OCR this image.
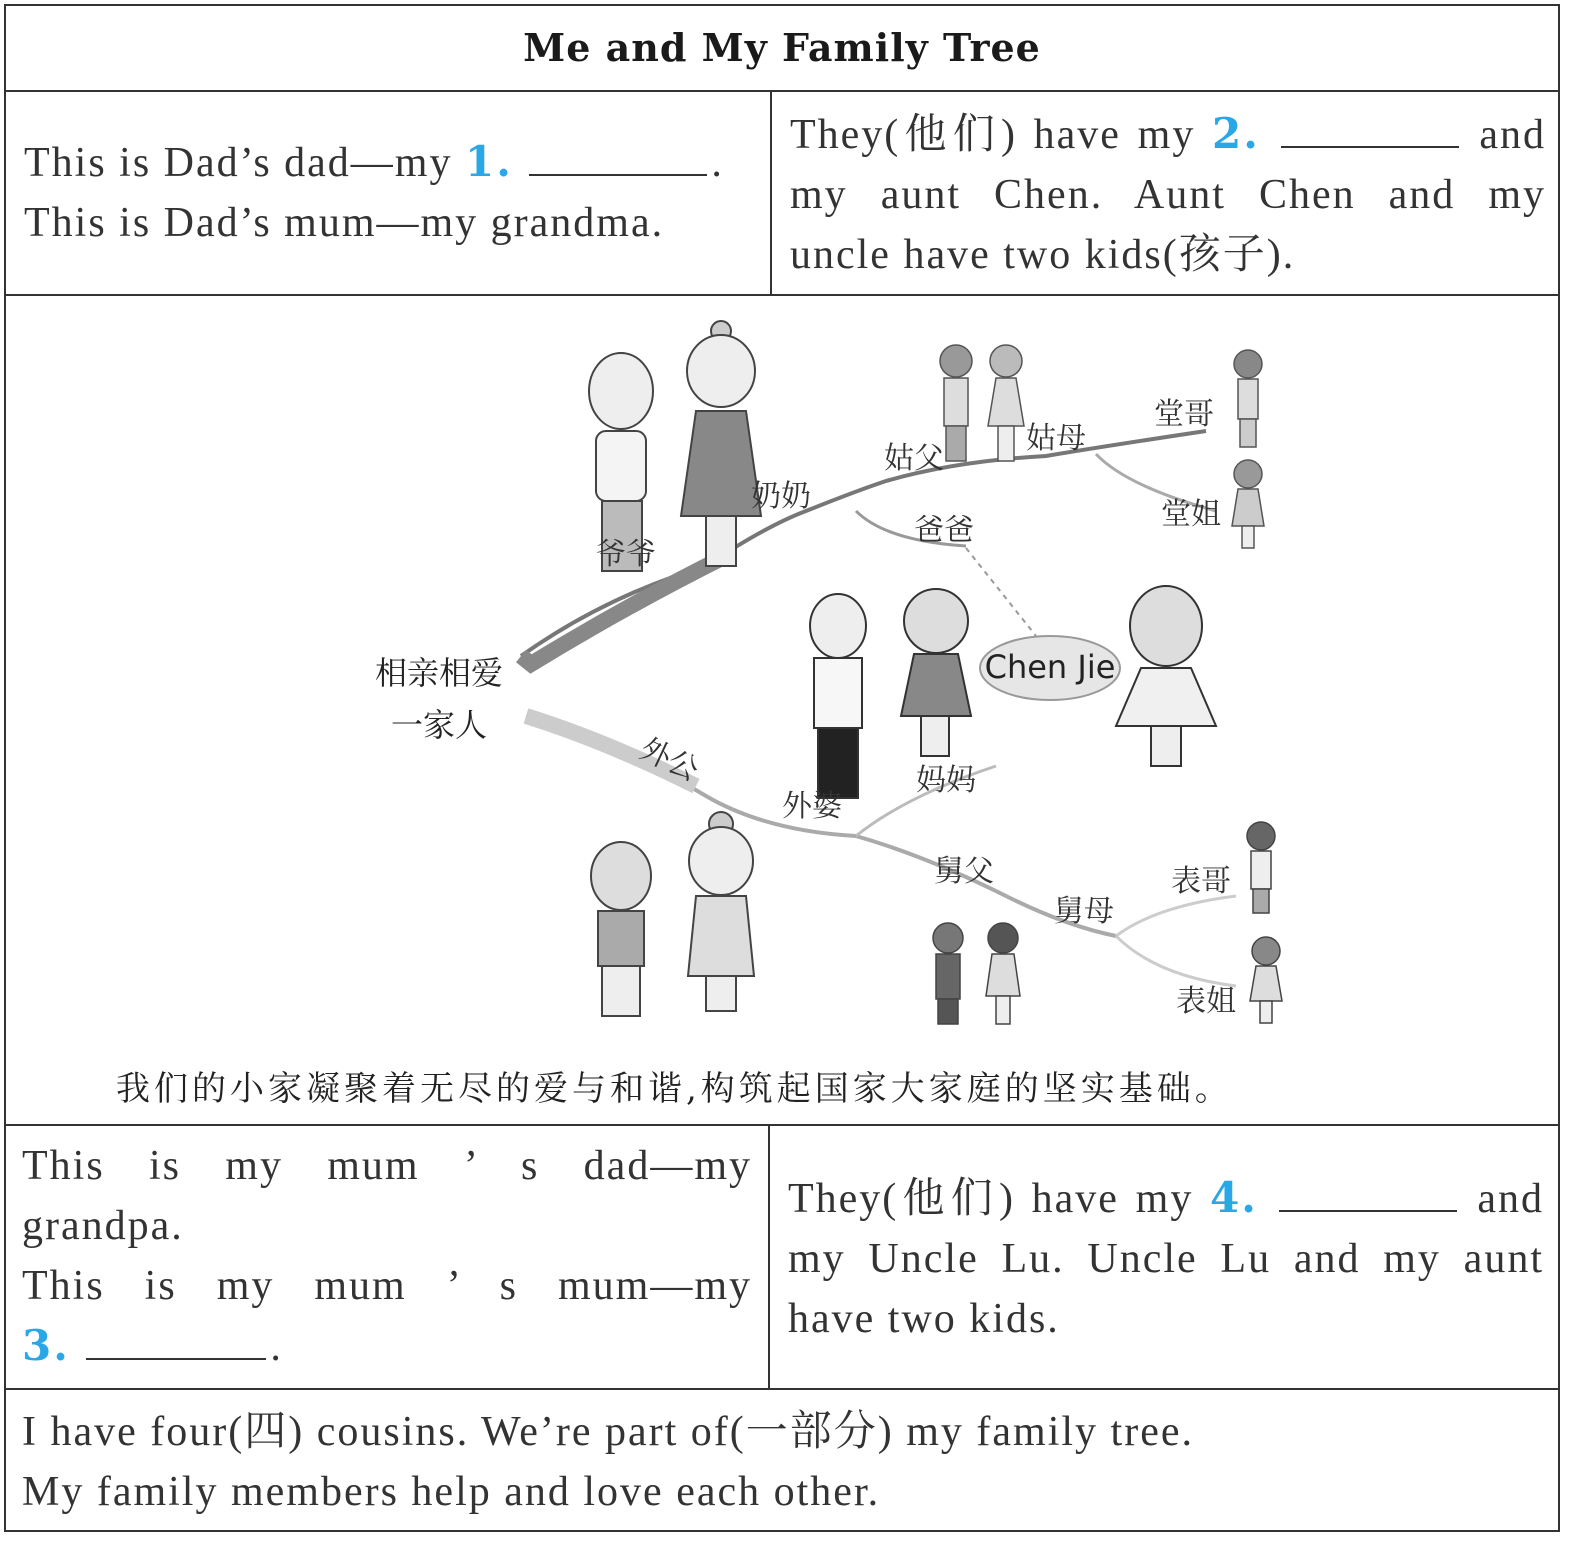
Me and My Family Tree
This is Dad’s dad—my 1.	.
This is Dad’s mum—my grandma.
They(他们) have my 2.	and
my aunt Chen. Aunt Chen and my
uncle have two kids(孩子).
Chen Jie
相亲相爱
一家人
爷爷
奶奶
姑父
姑母
堂哥
堂姐
爸爸
妈妈
外公
外婆
舅父
舅母
表哥
表姐
我们的小家凝聚着无尽的爱与和谐,构筑起国家大家庭的坚实基础。
This is my mum ’ s dad—my
grandpa.
This is my mum ’ s mum—my
3.	.
They(他们) have my 4.	and
my Uncle Lu. Uncle Lu and my aunt
have two kids.
I have four(四) cousins. We’re part of(一部分) my family tree.
My family members help and love each other.
